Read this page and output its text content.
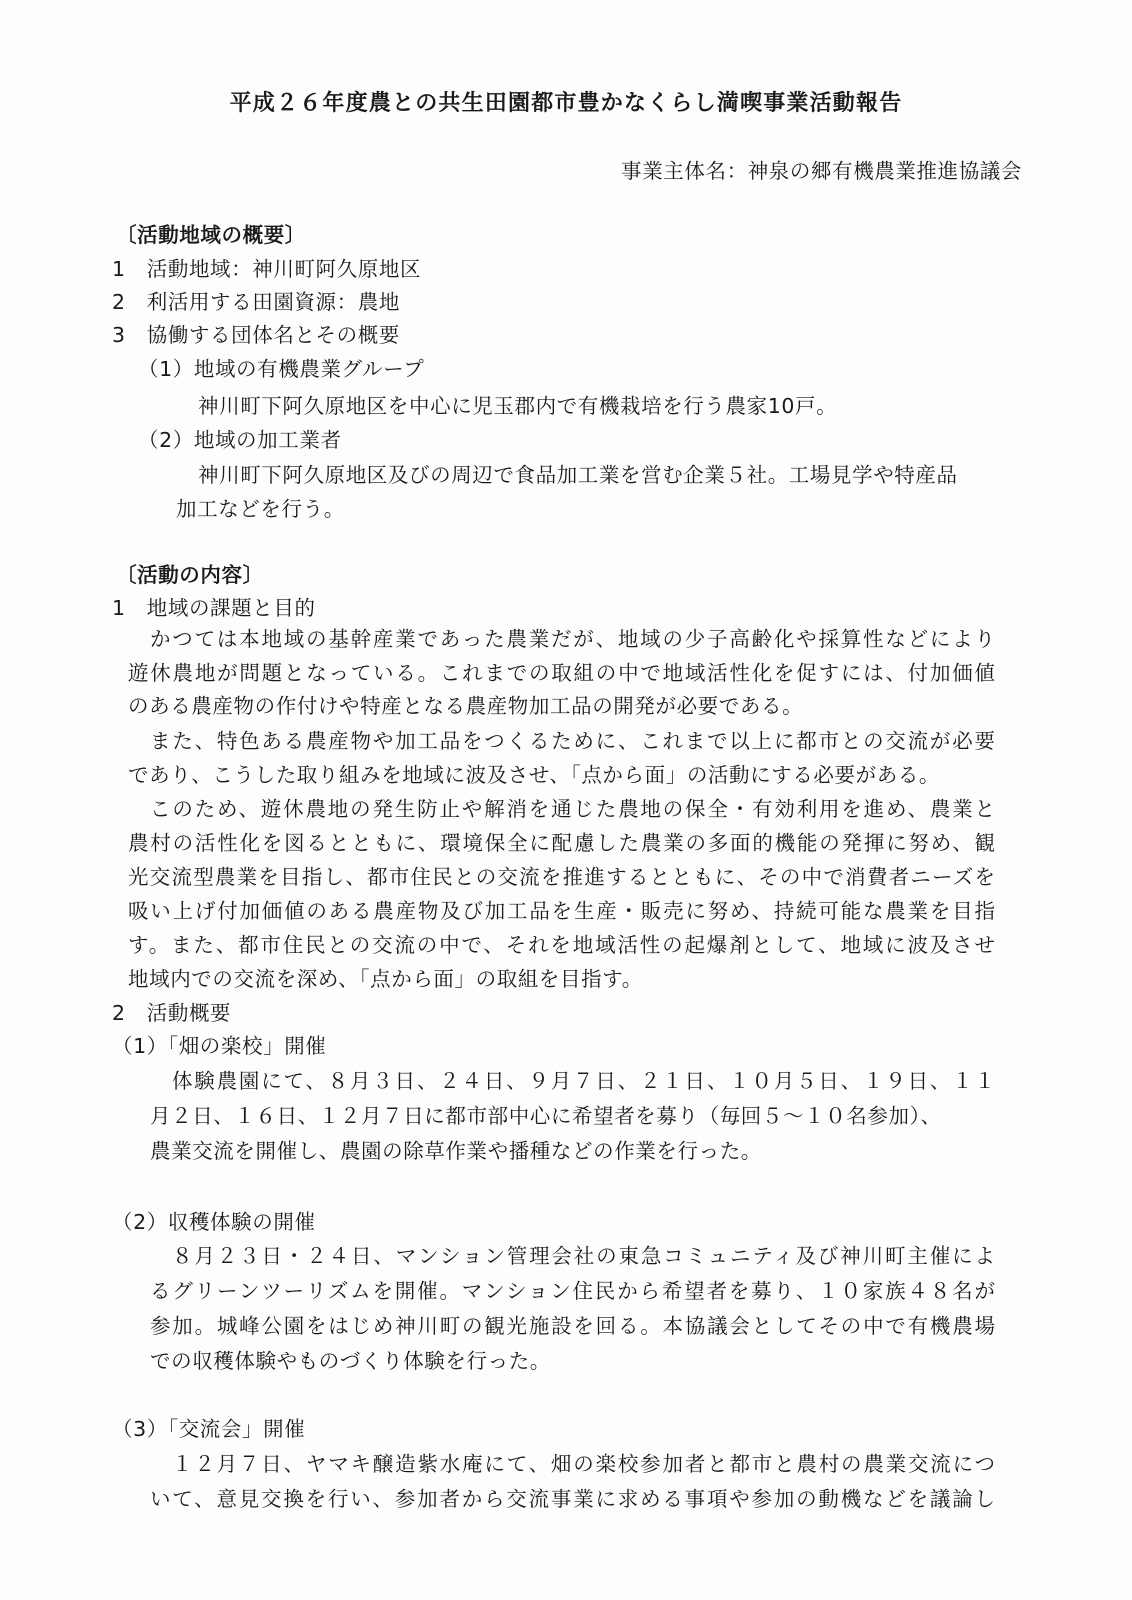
平成２６年度農との共生田園都市豊かなくらし満喫事業活動報告
事業主体名：神泉の郷有機農業推進協議会
〔活動地域の概要〕
1　活動地域：神川町阿久原地区
2　利活用する田園資源：農地
3　協働する団体名とその概要
（1）地域の有機農業グループ
神川町下阿久原地区を中心に児玉郡内で有機栽培を行う農家10戸。
（2）地域の加工業者
神川町下阿久原地区及びの周辺で食品加工業を営む企業５社。工場見学や特産品
加工などを行う。
〔活動の内容〕
1　地域の課題と目的
かつては本地域の基幹産業であった農業だが、地域の少子高齢化や採算性などにより
遊休農地が問題となっている。これまでの取組の中で地域活性化を促すには、付加価値
のある農産物の作付けや特産となる農産物加工品の開発が必要である。
また、特色ある農産物や加工品をつくるために、これまで以上に都市との交流が必要
であり、こうした取り組みを地域に波及させ、「点から面」の活動にする必要がある。
このため、遊休農地の発生防止や解消を通じた農地の保全・有効利用を進め、農業と
農村の活性化を図るとともに、環境保全に配慮した農業の多面的機能の発揮に努め、観
光交流型農業を目指し、都市住民との交流を推進するとともに、その中で消費者ニーズを
吸い上げ付加価値のある農産物及び加工品を生産・販売に努め、持続可能な農業を目指
す。また、都市住民との交流の中で、それを地域活性の起爆剤として、地域に波及させ
地域内での交流を深め、「点から面」の取組を目指す。
2　活動概要
（1）「畑の楽校」開催
体験農園にて、８月３日、２４日、９月７日、２１日、１０月５日、１９日、１１
月２日、１６日、１２月７日に都市部中心に希望者を募り（毎回５～１０名参加）、
農業交流を開催し、農園の除草作業や播種などの作業を行った。
（2）収穫体験の開催
８月２３日・２４日、マンション管理会社の東急コミュニティ及び神川町主催によ
るグリーンツーリズムを開催。マンション住民から希望者を募り、１０家族４８名が
参加。城峰公園をはじめ神川町の観光施設を回る。本協議会としてその中で有機農場
での収穫体験やものづくり体験を行った。
（3）「交流会」開催
１２月７日、ヤマキ醸造紫水庵にて、畑の楽校参加者と都市と農村の農業交流につ
いて、意見交換を行い、参加者から交流事業に求める事項や参加の動機などを議論し
